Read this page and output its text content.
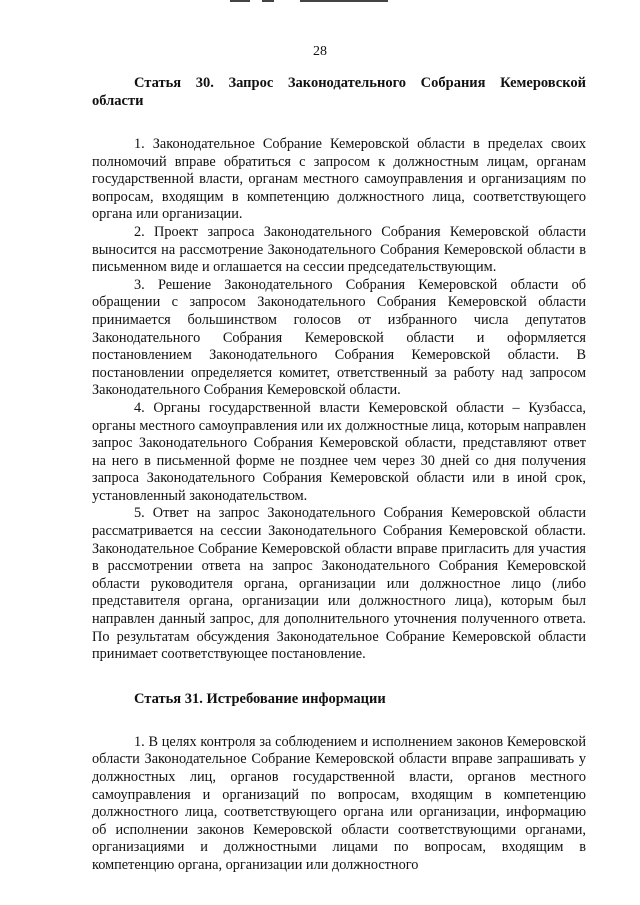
28
Статья 30. Запрос Законодательного Собрания Кемеровской области

1. Законодательное Собрание Кемеровской области в пределах своих полномочий вправе обратиться с запросом к должностным лицам, органам государственной власти, органам местного самоуправления и организациям по вопросам, входящим в компетенцию должностного лица, соответствующего органа или организации.

2. Проект запроса Законодательного Собрания Кемеровской области выносится на рассмотрение Законодательного Собрания Кемеровской области в письменном виде и оглашается на сессии председательствующим.

3. Решение Законодательного Собрания Кемеровской области об обращении с запросом Законодательного Собрания Кемеровской области принимается большинством голосов от избранного числа депутатов Законодательного Собрания Кемеровской области и оформляется постановлением Законодательного Собрания Кемеровской области. В постановлении определяется комитет, ответственный за работу над запросом Законодательного Собрания Кемеровской области.

4. Органы государственной власти Кемеровской области – Кузбасса, органы местного самоуправления или их должностные лица, которым направлен запрос Законодательного Собрания Кемеровской области, представляют ответ на него в письменной форме не позднее чем через 30 дней со дня получения запроса Законодательного Собрания Кемеровской области или в иной срок, установленный законодательством.

5. Ответ на запрос Законодательного Собрания Кемеровской области рассматривается на сессии Законодательного Собрания Кемеровской области. Законодательное Собрание Кемеровской области вправе пригласить для участия в рассмотрении ответа на запрос Законодательного Собрания Кемеровской области руководителя органа, организации или должностное лицо (либо представителя органа, организации или должностного лица), которым был направлен данный запрос, для дополнительного уточнения полученного ответа. По результатам обсуждения Законодательное Собрание Кемеровской области принимает соответствующее постановление.

Статья 31. Истребование информации

1. В целях контроля за соблюдением и исполнением законов Кемеровской области Законодательное Собрание Кемеровской области вправе запрашивать у должностных лиц, органов государственной власти, органов местного самоуправления и организаций по вопросам, входящим в компетенцию должностного лица, соответствующего органа или организации, информацию об исполнении законов Кемеровской области соответствующими органами, организациями и должностными лицами по вопросам, входящим в компетенцию органа, организации или должностного
